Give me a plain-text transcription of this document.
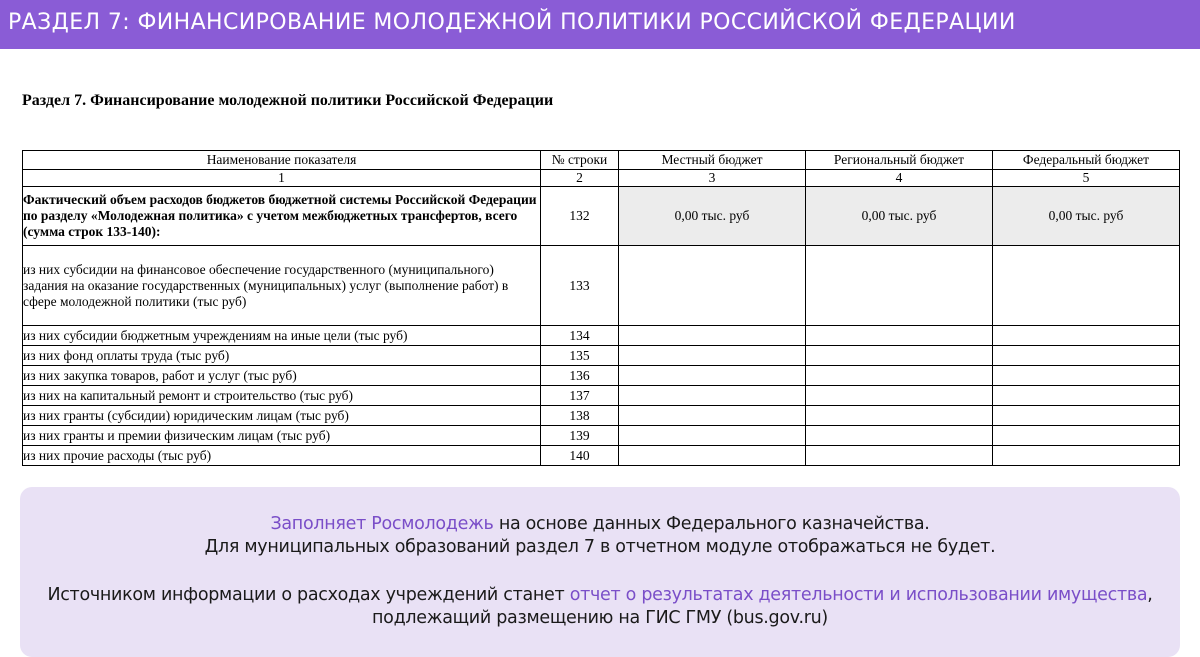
РАЗДЕЛ 7: ФИНАНСИРОВАНИЕ МОЛОДЕЖНОЙ ПОЛИТИКИ РОССИЙСКОЙ ФЕДЕРАЦИИ
Раздел 7. Финансирование молодежной политики Российской Федерации
Наименование показателя	№ строки	Местный бюджет	Региональный бюджет	Федеральный бюджет
1	2	3	4	5
Фактический объем расходов бюджетов бюджетной системы Российской Федерации по разделу «Молодежная политика» с учетом межбюджетных трансфертов, всего (сумма строк 133-140):	132	0,00 тыс. руб	0,00 тыс. руб	0,00 тыс. руб
из них субсидии на финансовое обеспечение государственного (муниципального) задания на оказание государственных (муниципальных) услуг (выполнение работ) в сфере молодежной политики (тыс руб)	133			
из них субсидии бюджетным учреждениям на иные цели (тыс руб)	134			
из них фонд оплаты труда (тыс руб)	135			
из них закупка товаров, работ и услуг (тыс руб)	136			
из них на капитальный ремонт и строительство (тыс руб)	137			
из них гранты (субсидии) юридическим лицам (тыс руб)	138			
из них гранты и премии физическим лицам (тыс руб)	139			
из них прочие расходы (тыс руб)	140			

Заполняет Росмолодежь на основе данных Федерального казначейства.

Для муниципальных образований раздел 7 в отчетном модуле отображаться не будет.

Источником информации о расходах учреждений станет отчет о результатах деятельности и использовании имущества, подлежащий размещению на ГИС ГМУ (bus.gov.ru)
